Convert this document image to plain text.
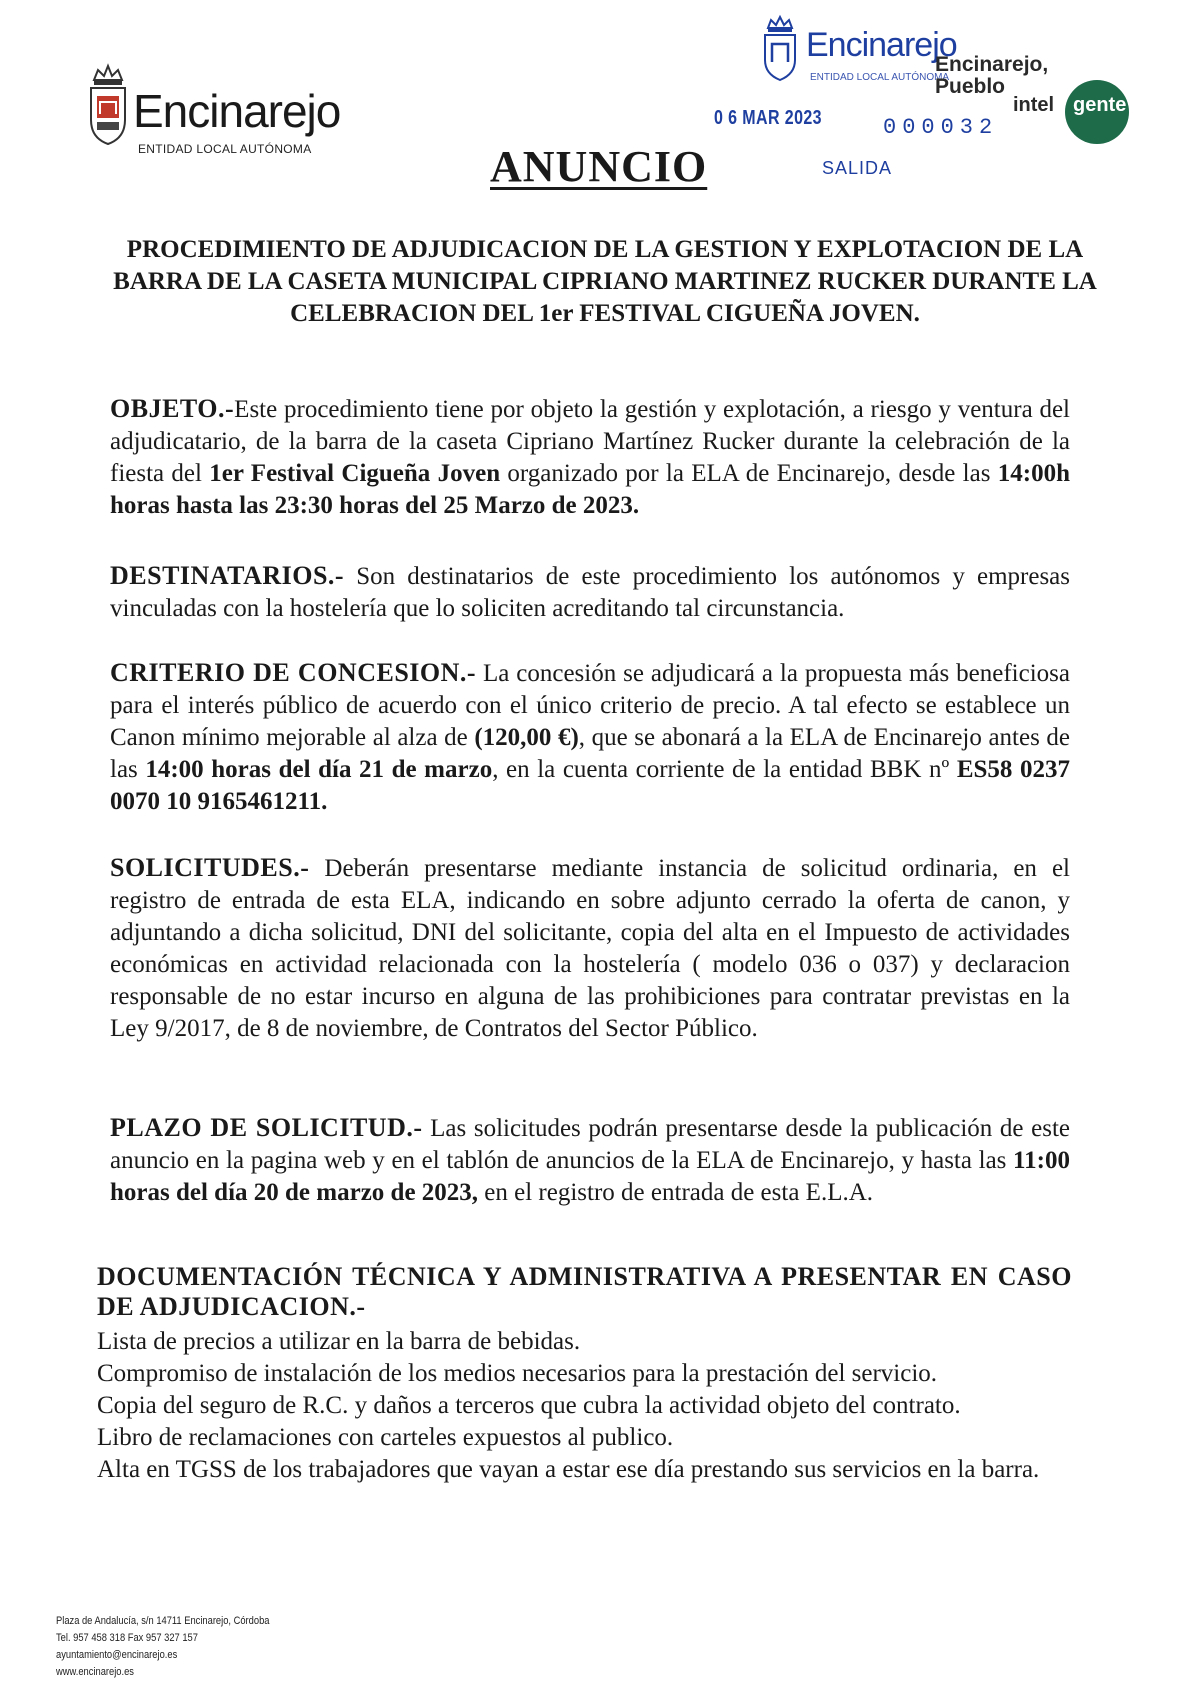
Encinarejo
ENTIDAD LOCAL AUTÓNOMA
Encinarejo
ENTIDAD LOCAL AUTÓNOMA
0 6 MAR 2023	000032
SALIDA
Encinarejo,
Pueblo
intel gente
ANUNCIO
PROCEDIMIENTO DE ADJUDICACION DE LA GESTION Y EXPLOTACION DE LA BARRA DE LA CASETA MUNICIPAL CIPRIANO MARTINEZ RUCKER DURANTE LA CELEBRACION DEL 1er FESTIVAL CIGUEÑA JOVEN.
OBJETO.-Este procedimiento tiene por objeto la gestión y explotación, a riesgo y ventura del adjudicatario, de la barra de la caseta Cipriano Martínez Rucker durante la celebración de la fiesta del 1er Festival Cigueña Joven organizado por la ELA de Encinarejo, desde las 14:00h horas hasta las 23:30 horas del 25 Marzo de 2023.
DESTINATARIOS.- Son destinatarios de este procedimiento los autónomos y empresas vinculadas con la hostelería que lo soliciten acreditando tal circunstancia.
CRITERIO DE CONCESION.- La concesión se adjudicará a la propuesta más beneficiosa para el interés público de acuerdo con el único criterio de precio. A tal efecto se establece un Canon mínimo mejorable al alza de (120,00 €), que se abonará a la ELA de Encinarejo antes de las 14:00 horas del día 21 de marzo, en la cuenta corriente de la entidad BBK nº ES58 0237 0070 10 9165461211.
SOLICITUDES.- Deberán presentarse mediante instancia de solicitud ordinaria, en el registro de entrada de esta ELA, indicando en sobre adjunto cerrado la oferta de canon, y adjuntando a dicha solicitud, DNI del solicitante, copia del alta en el Impuesto de actividades económicas en actividad relacionada con la hostelería ( modelo 036 o 037) y declaracion responsable de no estar incurso en alguna de las prohibiciones para contratar previstas en la Ley 9/2017, de 8 de noviembre, de Contratos del Sector Público.
PLAZO DE SOLICITUD.- Las solicitudes podrán presentarse desde la publicación de este anuncio en la pagina web y en el tablón de anuncios de la ELA de Encinarejo, y hasta las 11:00 horas del día 20 de marzo de 2023, en el registro de entrada de esta E.L.A.
DOCUMENTACIÓN TÉCNICA Y ADMINISTRATIVA A PRESENTAR EN CASO DE ADJUDICACION.-
Lista de precios a utilizar en la barra de bebidas.
Compromiso de instalación de los medios necesarios para la prestación del servicio.
Copia del seguro de R.C. y daños a terceros que cubra la actividad objeto del contrato.
Libro de reclamaciones con carteles expuestos al publico.
Alta en TGSS de los trabajadores que vayan a estar ese día prestando sus servicios en la barra.
Plaza de Andalucía, s/n 14711 Encinarejo, Córdoba
Tel. 957 458 318 Fax 957 327 157
ayuntamiento@encinarejo.es
www.encinarejo.es
